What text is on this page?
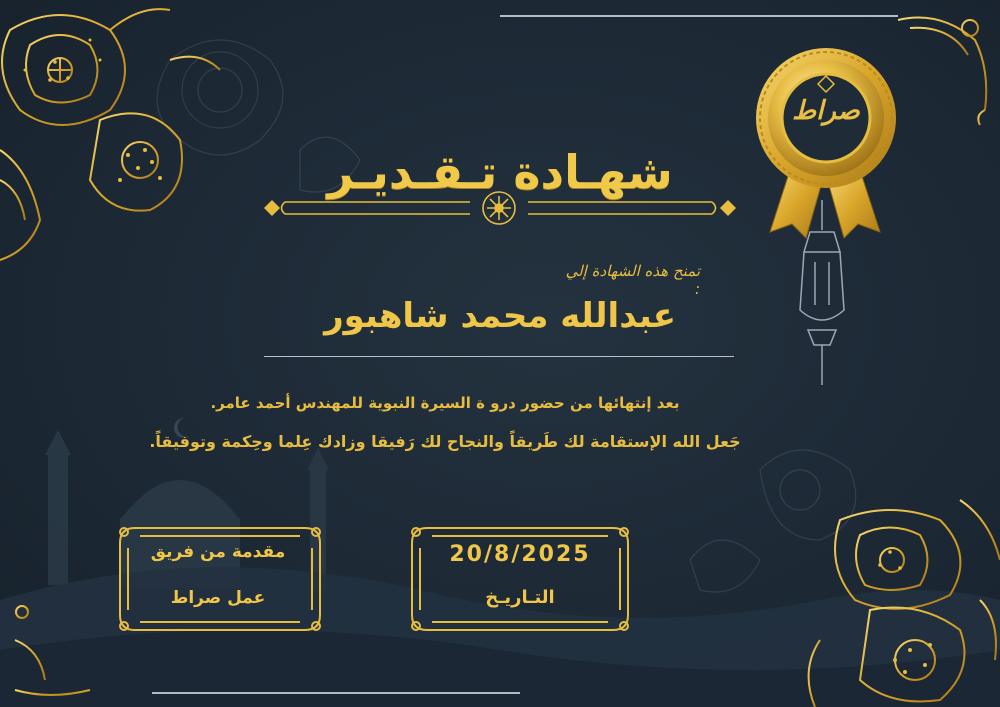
شهـادة تـقـديـر
صراط
تمنح هذه الشهادة إلي :
عبدالله محمد شاهبور
بعد إنتهائها من حضور درو ة السيرة النبوية للمهندس أحمد عامر.
جَعل الله الإستقامة لك طَريقاً والنجاح لك رَفيقا وزادك عِلما وحِكمة وتوفيقاً.
مقدمة من فريق
عمل صراط
20/8/2025
التـاريـخ
